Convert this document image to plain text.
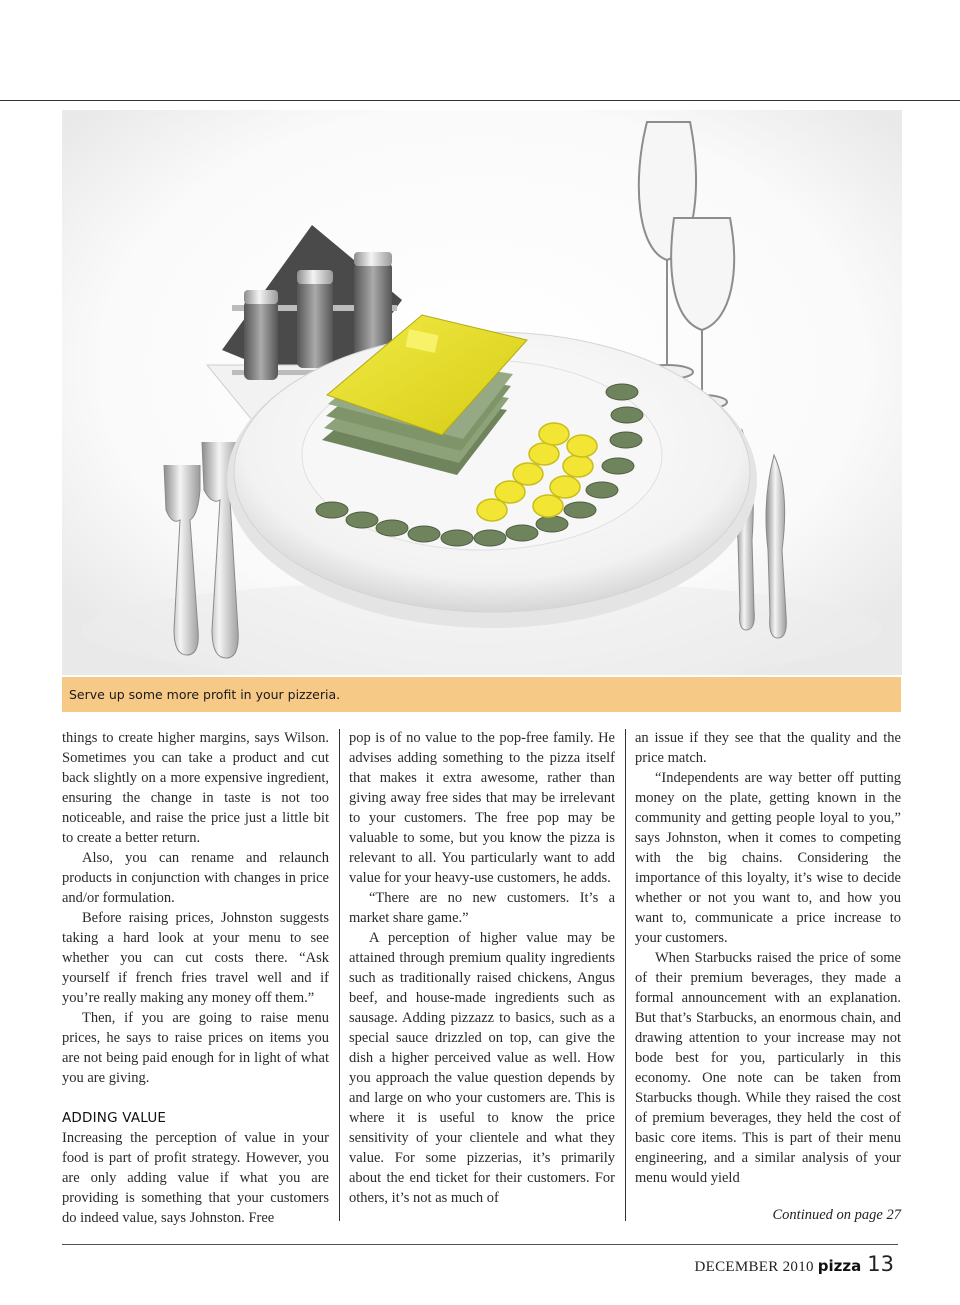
Serve up some more profit in your pizzeria.

things to create higher margins, says Wilson. Sometimes you can take a product and cut back slightly on a more expensive ingredient, ensuring the change in taste is not too noticeable, and raise the price just a little bit to create a better return.

Also, you can rename and relaunch products in conjunction with changes in price and/or formulation.

Before raising prices, Johnston suggests taking a hard look at your menu to see whether you can cut costs there. “Ask yourself if french fries travel well and if you’re really making any money off them.”

Then, if you are going to raise menu prices, he says to raise prices on items you are not being paid enough for in light of what you are giving.

ADDING VALUE

Increasing the perception of value in your food is part of profit strategy. However, you are only adding value if what you are providing is something that your customers do indeed value, says Johnston. Free

pop is of no value to the pop-free family. He advises adding something to the pizza itself that makes it extra awesome, rather than giving away free sides that may be irrelevant to your customers. The free pop may be valuable to some, but you know the pizza is relevant to all. You particularly want to add value for your heavy-use customers, he adds.

“There are no new customers. It’s a market share game.”

A perception of higher value may be attained through premium quality ingredients such as traditionally raised chickens, Angus beef, and house-made ingredients such as sausage. Adding pizzazz to basics, such as a special sauce drizzled on top, can give the dish a higher perceived value as well. How you approach the value question depends by and large on who your customers are. This is where it is useful to know the price sensitivity of your clientele and what they value. For some pizzerias, it’s primarily about the end ticket for their customers. For others, it’s not as much of

an issue if they see that the quality and the price match.

“Independents are way better off putting money on the plate, getting known in the community and getting people loyal to you,” says Johnston, when it comes to competing with the big chains. Considering the importance of this loyalty, it’s wise to decide whether or not you want to, and how you want to, communicate a price increase to your customers.

When Starbucks raised the price of some of their premium beverages, they made a formal announcement with an explanation. But that’s Starbucks, an enormous chain, and drawing attention to your increase may not bode best for you, particularly in this economy. One note can be taken from Starbucks though. While they raised the cost of premium beverages, they held the cost of basic core items. This is part of their menu engineering, and a similar analysis of your menu would yield

Continued on page 27
DECEMBER 2010 pizza 13
